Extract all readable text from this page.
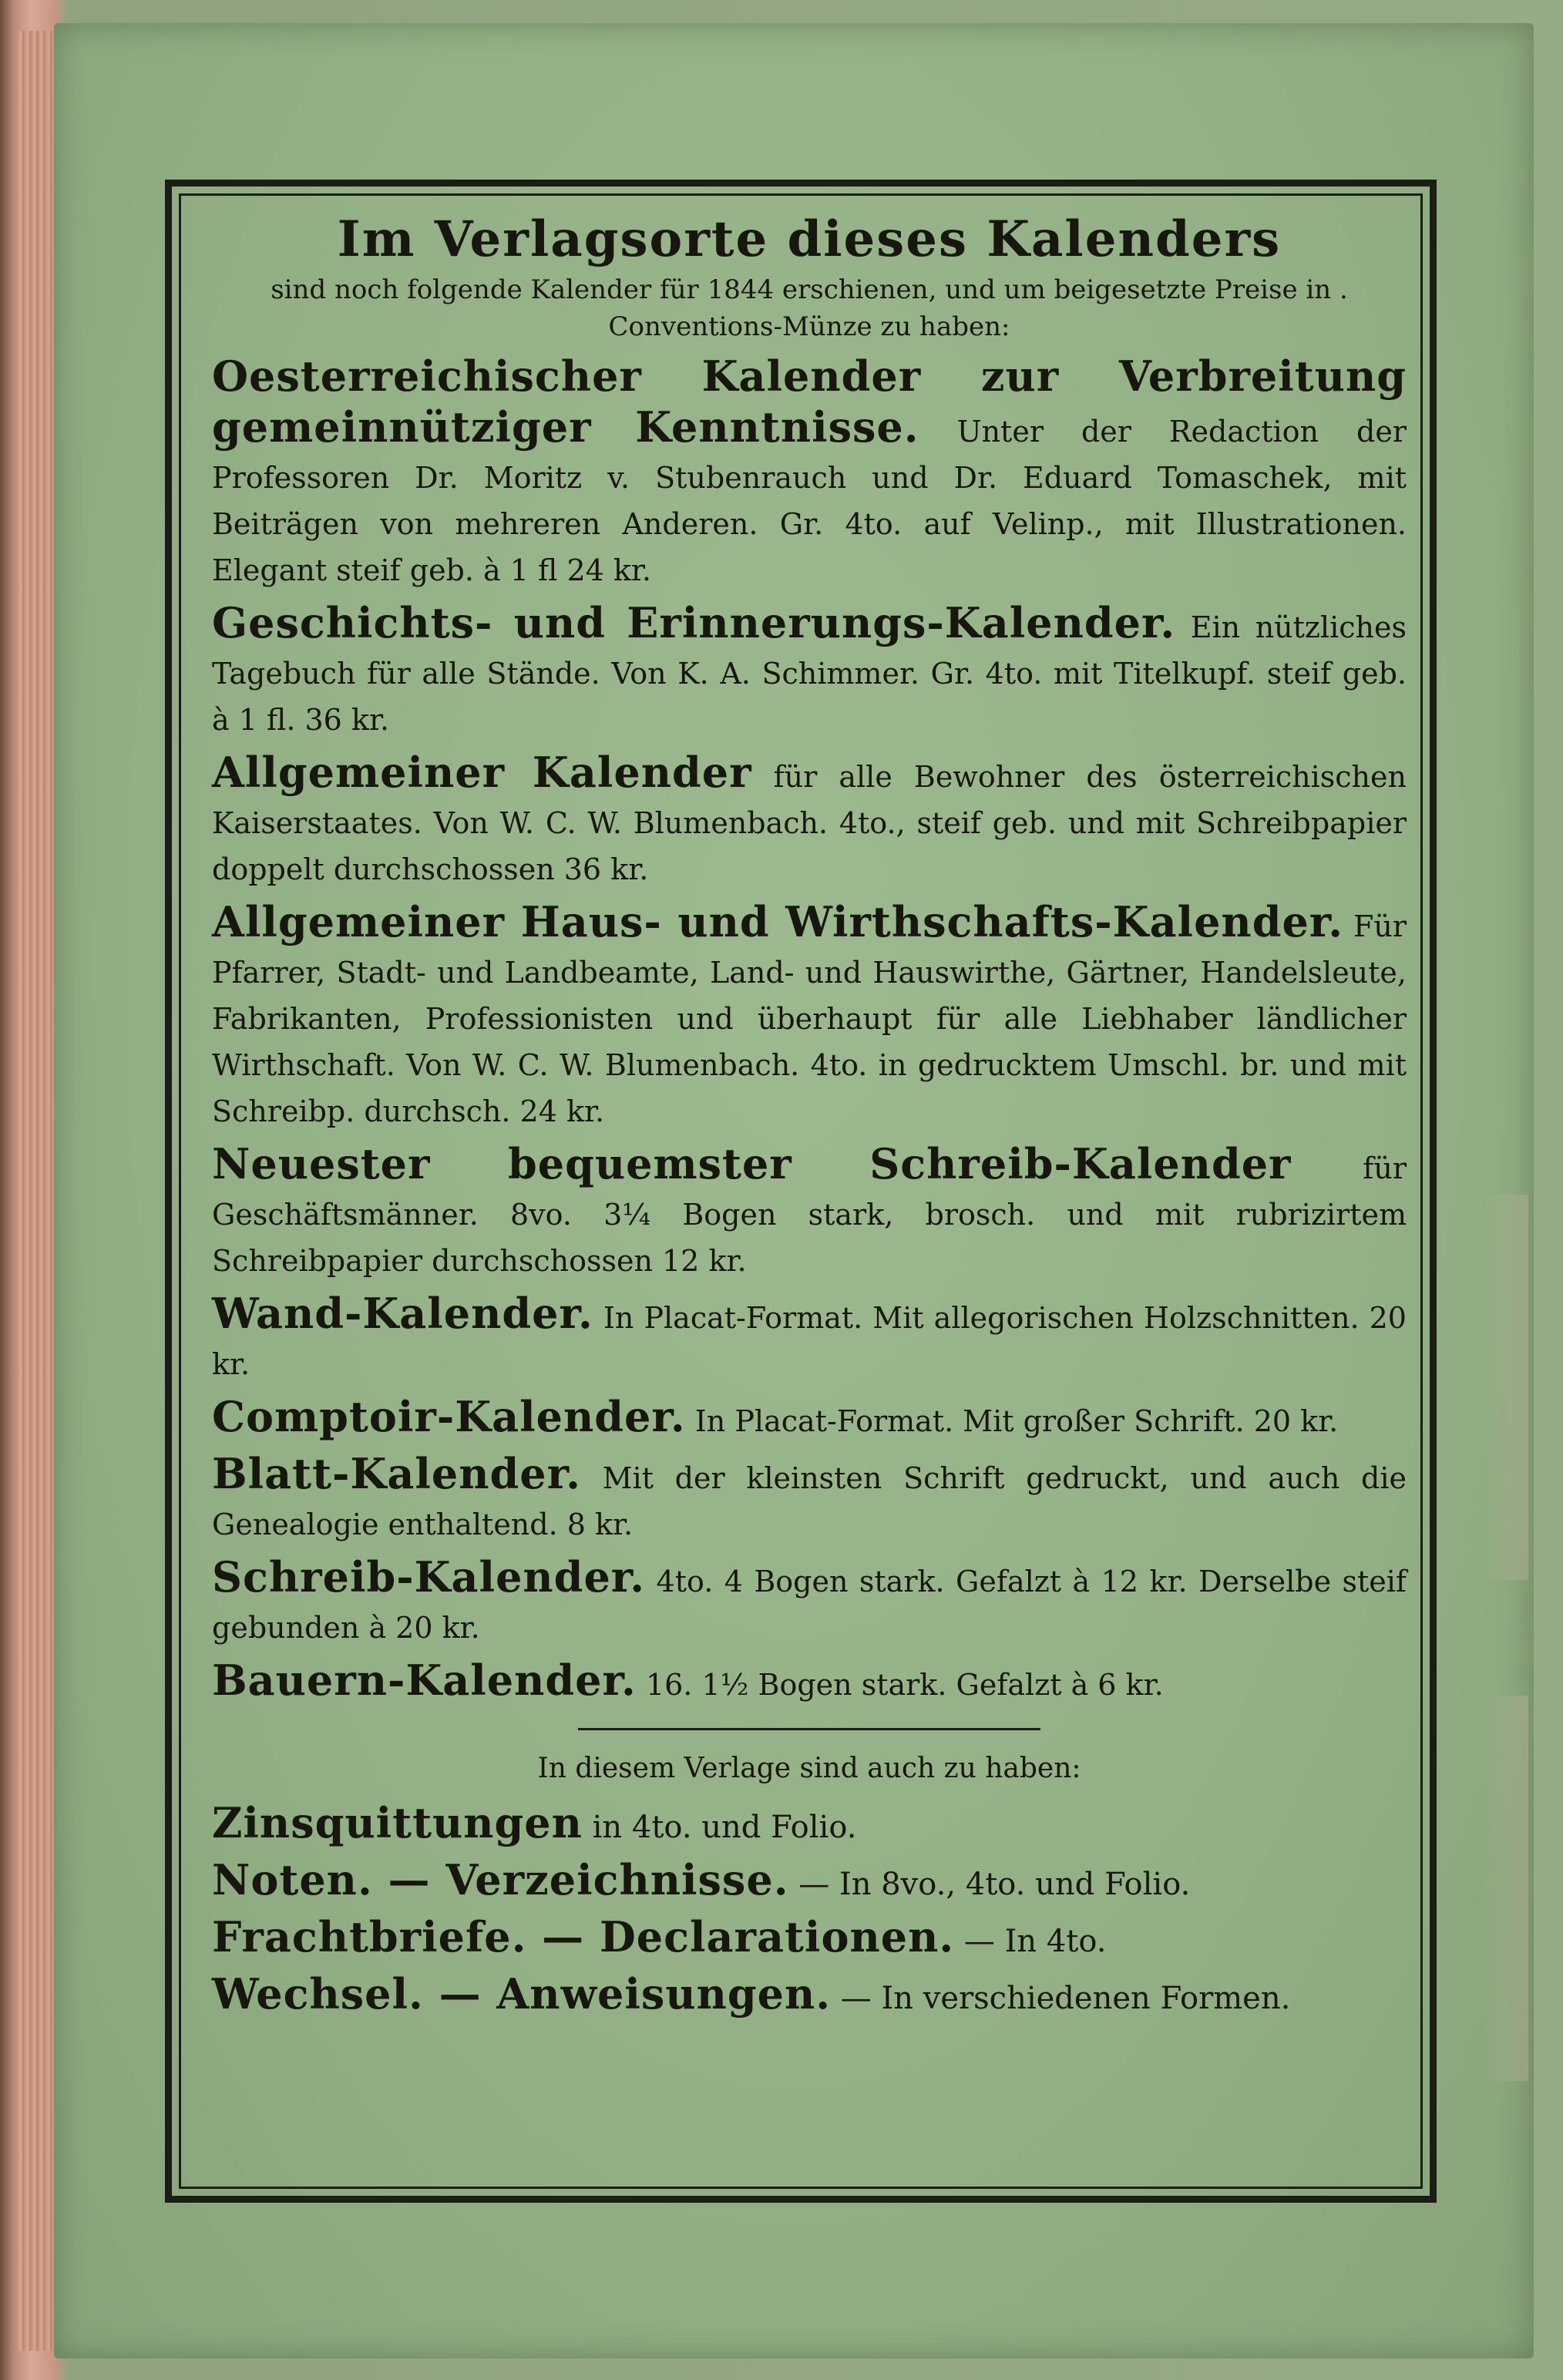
Im Verlagsorte dieses Kalenders

sind noch folgende Kalender für 1844 erschienen, und um beigesetzte Preise in . Conventions-Münze zu haben:

Oesterreichischer Kalender zur Verbreitung gemeinnütziger Kenntnisse. Unter der Redaction der Professoren Dr. Moritz v. Stubenrauch und Dr. Eduard Tomaschek, mit Beiträgen von mehreren Anderen. Gr. 4to. auf Velinp., mit Illustrationen. Elegant steif geb. à 1 fl 24 kr.

Geschichts- und Erinnerungs-Kalender. Ein nützliches Tagebuch für alle Stände. Von K. A. Schimmer. Gr. 4to. mit Titelkupf. steif geb. à 1 fl. 36 kr.

Allgemeiner Kalender für alle Bewohner des österreichischen Kaiserstaates. Von W. C. W. Blumenbach. 4to., steif geb. und mit Schreibpapier doppelt durchschossen 36 kr.

Allgemeiner Haus- und Wirthschafts-Kalender. Für Pfarrer, Stadt- und Landbeamte, Land- und Hauswirthe, Gärtner, Handelsleute, Fabrikanten, Professionisten und überhaupt für alle Liebhaber ländlicher Wirthschaft. Von W. C. W. Blumenbach. 4to. in gedrucktem Umschl. br. und mit Schreibp. durchsch. 24 kr.

Neuester bequemster Schreib-Kalender für Geschäftsmänner. 8vo. 3¼ Bogen stark, brosch. und mit rubrizirtem Schreibpapier durchschossen 12 kr.

Wand-Kalender. In Placat-Format. Mit allegorischen Holzschnitten. 20 kr.

Comptoir-Kalender. In Placat-Format. Mit großer Schrift. 20 kr.

Blatt-Kalender. Mit der kleinsten Schrift gedruckt, und auch die Genealogie enthaltend. 8 kr.

Schreib-Kalender. 4to. 4 Bogen stark. Gefalzt à 12 kr. Derselbe steif gebunden à 20 kr.

Bauern-Kalender. 16. 1½ Bogen stark. Gefalzt à 6 kr.

In diesem Verlage sind auch zu haben:

Zinsquittungen in 4to. und Folio.

Noten. — Verzeichnisse. — In 8vo., 4to. und Folio.

Frachtbriefe. — Declarationen. — In 4to.

Wechsel. — Anweisungen. — In verschiedenen Formen.
